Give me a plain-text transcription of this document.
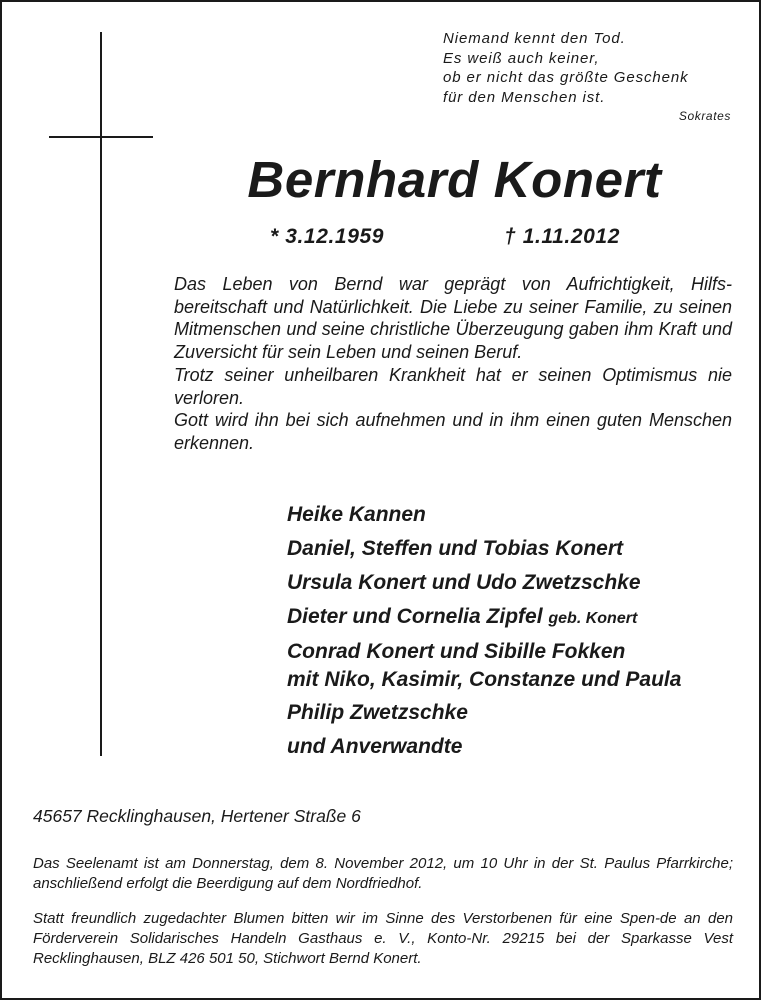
Niemand kennt den Tod.
Es weiß auch keiner,
ob er nicht das größte Geschenk
für den Menschen ist.
Sokrates
Bernhard Konert
* 3.12.1959	† 1.11.2012

Das Leben von Bernd war geprägt von Aufrichtigkeit, Hilfs-bereitschaft und Natürlichkeit. Die Liebe zu seiner Familie, zu seinen Mitmenschen und seine christliche Überzeugung gaben ihm Kraft und Zuversicht für sein Leben und seinen Beruf.

Trotz seiner unheilbaren Krankheit hat er seinen Optimismus nie verloren.

Gott wird ihn bei sich aufnehmen und in ihm einen guten Menschen erkennen.

Heike Kannen
Daniel, Steffen und Tobias Konert
Ursula Konert und Udo Zwetzschke
Dieter und Cornelia Zipfel geb. Konert
Conrad Konert und Sibille Fokken
mit Niko, Kasimir, Constanze und Paula
Philip Zwetzschke
und Anverwandte
45657 Recklinghausen, Hertener Straße 6

Das Seelenamt ist am Donnerstag, dem 8. November 2012, um 10 Uhr in der St. Paulus Pfarrkirche; anschließend erfolgt die Beerdigung auf dem Nordfriedhof.

Statt freundlich zugedachter Blumen bitten wir im Sinne des Verstorbenen für eine Spen-de an den Förderverein Solidarisches Handeln Gasthaus e. V., Konto-Nr. 29215 bei der Sparkasse Vest Recklinghausen, BLZ 426 501 50, Stichwort Bernd Konert.
